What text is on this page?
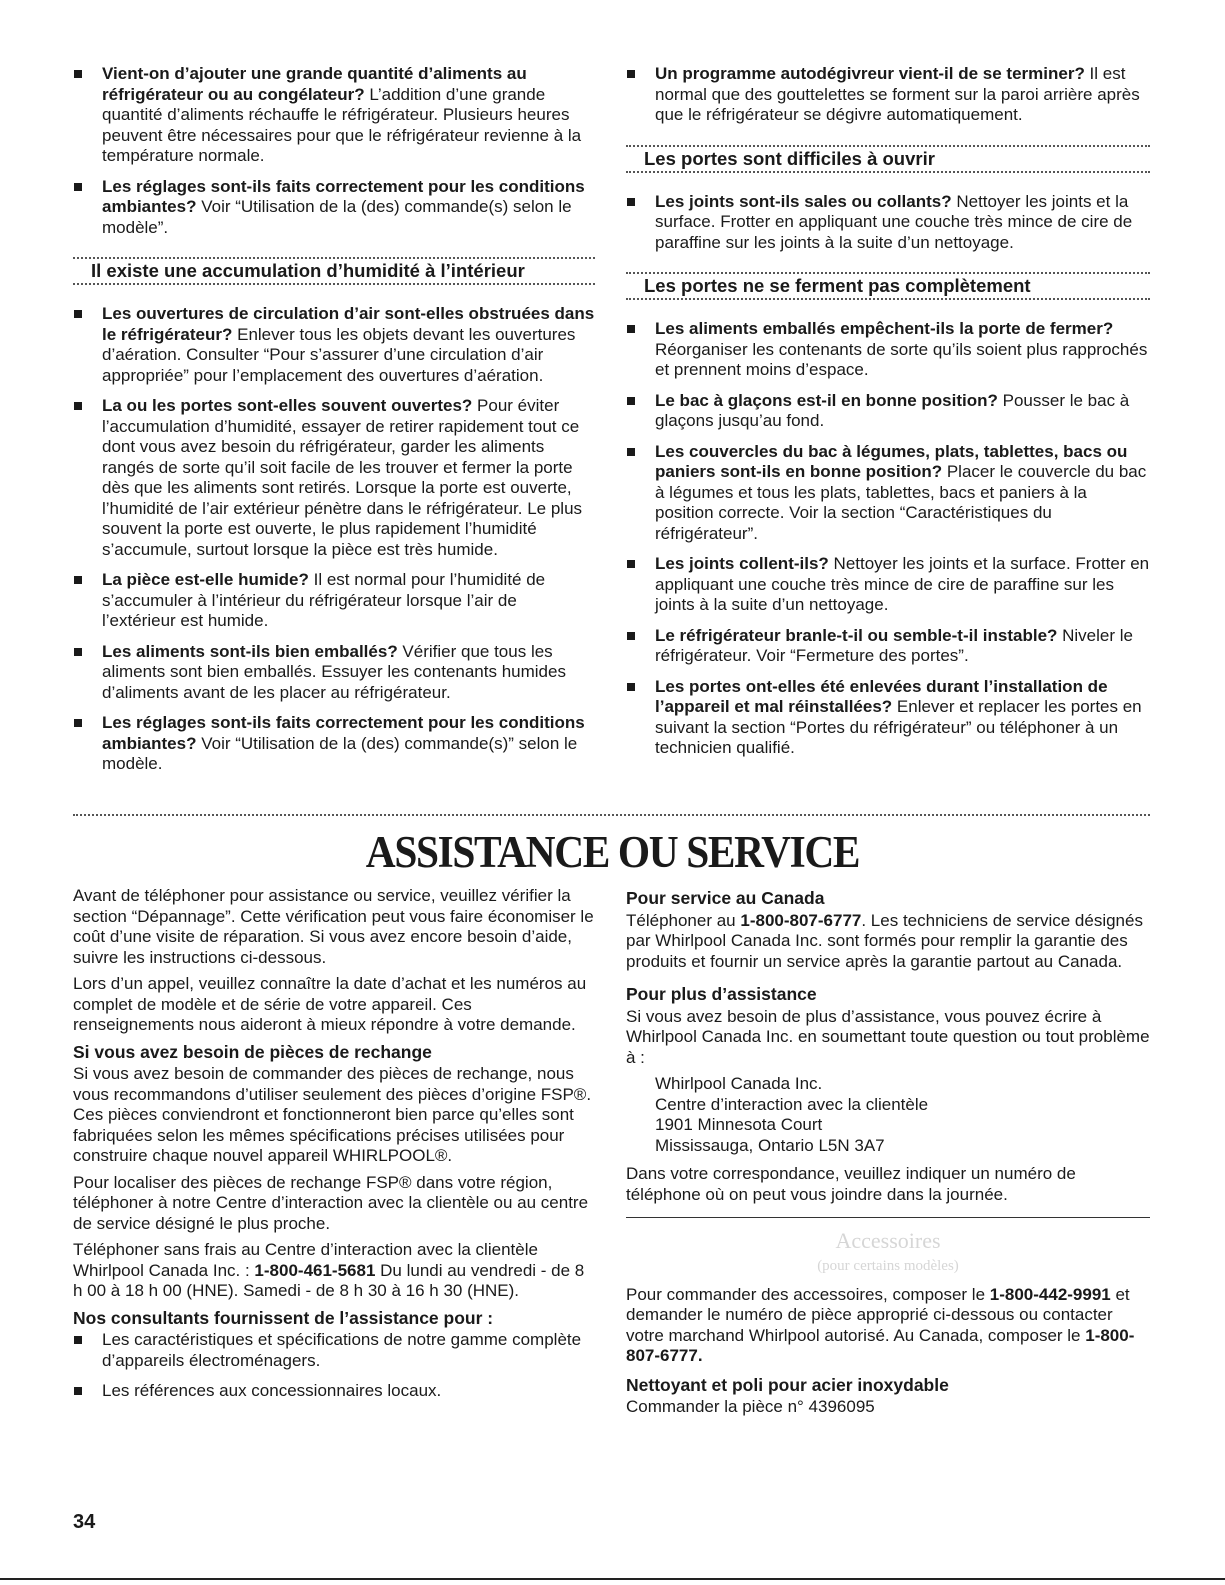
Vient-on d’ajouter une grande quantité d’aliments au réfrigérateur ou au congélateur? L’addition d’une grande quantité d’aliments réchauffe le réfrigérateur. Plusieurs heures peuvent être nécessaires pour que le réfrigérateur revienne à la température normale.
Les réglages sont-ils faits correctement pour les conditions ambiantes? Voir “Utilisation de la (des) commande(s) selon le modèle”.
Il existe une accumulation d’humidité à l’intérieur
Les ouvertures de circulation d’air sont-elles obstruées dans le réfrigérateur? Enlever tous les objets devant les ouvertures d’aération. Consulter “Pour s’assurer d’une circulation d’air appropriée” pour l’emplacement des ouvertures d’aération.
La ou les portes sont-elles souvent ouvertes? Pour éviter l’accumulation d’humidité, essayer de retirer rapidement tout ce dont vous avez besoin du réfrigérateur, garder les aliments rangés de sorte qu’il soit facile de les trouver et fermer la porte dès que les aliments sont retirés. Lorsque la porte est ouverte, l’humidité de l’air extérieur pénètre dans le réfrigérateur. Le plus souvent la porte est ouverte, le plus rapidement l’humidité s’accumule, surtout lorsque la pièce est très humide.
La pièce est-elle humide? Il est normal pour l’humidité de s’accumuler à l’intérieur du réfrigérateur lorsque l’air de l’extérieur est humide.
Les aliments sont-ils bien emballés? Vérifier que tous les aliments sont bien emballés. Essuyer les contenants humides d’aliments avant de les placer au réfrigérateur.
Les réglages sont-ils faits correctement pour les conditions ambiantes? Voir “Utilisation de la (des) commande(s)” selon le modèle.
Un programme autodégivreur vient-il de se terminer? Il est normal que des gouttelettes se forment sur la paroi arrière après que le réfrigérateur se dégivre automatiquement.
Les portes sont difficiles à ouvrir
Les joints sont-ils sales ou collants? Nettoyer les joints et la surface. Frotter en appliquant une couche très mince de cire de paraffine sur les joints à la suite d’un nettoyage.
Les portes ne se ferment pas complètement
Les aliments emballés empêchent-ils la porte de fermer? Réorganiser les contenants de sorte qu’ils soient plus rapprochés et prennent moins d’espace.
Le bac à glaçons est-il en bonne position? Pousser le bac à glaçons jusqu’au fond.
Les couvercles du bac à légumes, plats, tablettes, bacs ou paniers sont-ils en bonne position? Placer le couvercle du bac à légumes et tous les plats, tablettes, bacs et paniers à la position correcte. Voir la section “Caractéristiques du réfrigérateur”.
Les joints collent-ils? Nettoyer les joints et la surface. Frotter en appliquant une couche très mince de cire de paraffine sur les joints à la suite d’un nettoyage.
Le réfrigérateur branle-t-il ou semble-t-il instable? Niveler le réfrigérateur. Voir “Fermeture des portes”.
Les portes ont-elles été enlevées durant l’installation de l’appareil et mal réinstallées? Enlever et replacer les portes en suivant la section “Portes du réfrigérateur” ou téléphoner à un technicien qualifié.
ASSISTANCE OU SERVICE

Avant de téléphoner pour assistance ou service, veuillez vérifier la section “Dépannage”. Cette vérification peut vous faire économiser le coût d’une visite de réparation. Si vous avez encore besoin d’aide, suivre les instructions ci-dessous.

Lors d’un appel, veuillez connaître la date d’achat et les numéros au complet de modèle et de série de votre appareil. Ces renseignements nous aideront à mieux répondre à votre demande.

Si vous avez besoin de pièces de rechange

Si vous avez besoin de commander des pièces de rechange, nous vous recommandons d’utiliser seulement des pièces d’origine FSP®. Ces pièces conviendront et fonctionneront bien parce qu’elles sont fabriquées selon les mêmes spécifications précises utilisées pour construire chaque nouvel appareil WHIRLPOOL®.

Pour localiser des pièces de rechange FSP® dans votre région, téléphoner à notre Centre d’interaction avec la clientèle ou au centre de service désigné le plus proche.

Téléphoner sans frais au Centre d’interaction avec la clientèle Whirlpool Canada Inc. : 1-800-461-5681 Du lundi au vendredi - de 8 h 00 à 18 h 00 (HNE). Samedi - de 8 h 30 à 16 h 30 (HNE).

Nos consultants fournissent de l’assistance pour :
Les caractéristiques et spécifications de notre gamme complète d’appareils électroménagers.
Les références aux concessionnaires locaux.
Pour service au Canada

Téléphoner au 1-800-807-6777. Les techniciens de service désignés par Whirlpool Canada Inc. sont formés pour remplir la garantie des produits et fournir un service après la garantie partout au Canada.

Pour plus d’assistance

Si vous avez besoin de plus d’assistance, vous pouvez écrire à Whirlpool Canada Inc. en soumettant toute question ou tout problème à :

Whirlpool Canada Inc.
Centre d’interaction avec la clientèle
1901 Minnesota Court
Mississauga, Ontario L5N 3A7

Dans votre correspondance, veuillez indiquer un numéro de téléphone où on peut vous joindre dans la journée.

Accessoires
(pour certains modèles)

Pour commander des accessoires, composer le 1-800-442-9991 et demander le numéro de pièce approprié ci-dessous ou contacter votre marchand Whirlpool autorisé. Au Canada, composer le 1-800-807-6777.

Nettoyant et poli pour acier inoxydable

Commander la pièce n° 4396095

34
